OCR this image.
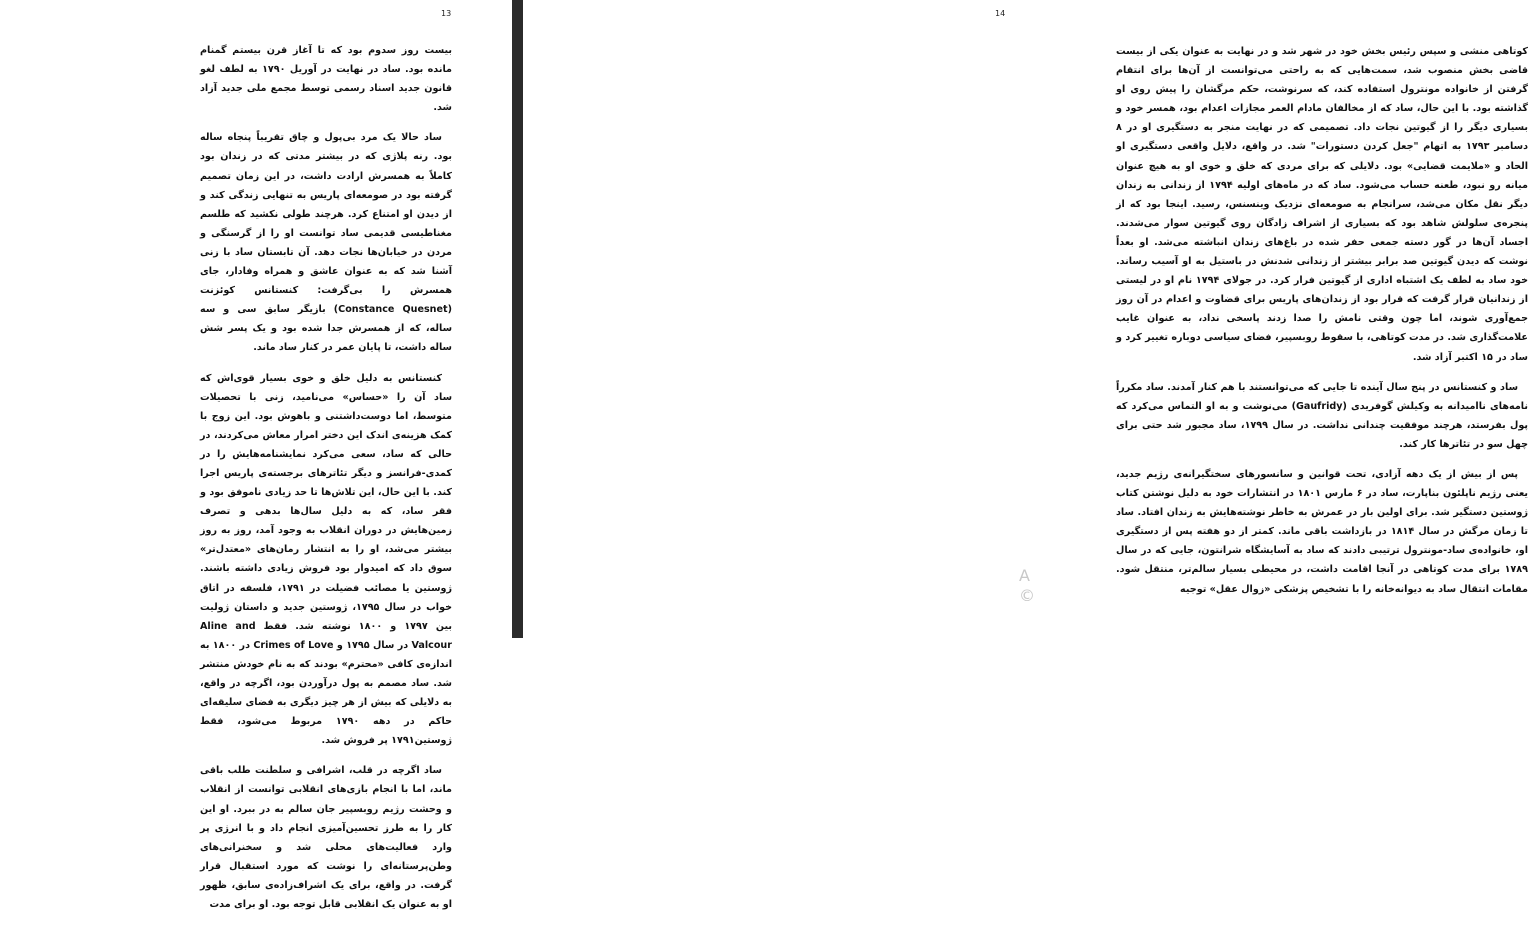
13

بیست روز سدوم بود که تا آغاز قرن بیستم گمنام مانده بود. ساد در نهایت در آوریل ۱۷۹۰ به لطف لغو قانون جدید اسناد رسمی توسط مجمع ملی جدید آزاد شد.

ساد حالا یک مرد بی‌پول و چاق تقریباً پنجاه ساله بود. رنه پلاژی که در بیشتر مدتی که در زندان بود کاملاً به همسرش ارادت داشت، در این زمان تصمیم گرفته بود در صومعه‌ای پاریس به تنهایی زندگی کند و از دیدن او امتناع کرد. هرچند طولی نکشید که طلسم مغناطیسی قدیمی ساد توانست او را از گرسنگی و مردن در خیابان‌ها نجات دهد. آن تابستان ساد با زنی آشنا شد که به عنوان عاشق و همراه وفادار، جای همسرش را بی‌گرفت: کنستانس کوئزنت (Constance Quesnet) بازیگر سابق سی و سه ساله، که از همسرش جدا شده بود و یک پسر شش ساله داشت، تا پایان عمر در کنار ساد ماند.

کنستانس به دلیل خلق و خوی بسیار قوی‌اش که ساد آن را «حساس» می‌نامید، زنی با تحصیلات متوسط، اما دوست‌داشتنی و باهوش بود. این زوج با کمک هزینه‌ی اندک این دختر امرار معاش می‌کردند، در حالی که ساد، سعی می‌کرد نمایشنامه‌هایش را در کمدی-فرانسز و دیگر تئاترهای برجسته‌ی پاریس اجرا کند. با این حال، این تلاش‌ها تا حد زیادی ناموفق بود و فقر ساد، که به دلیل سال‌ها بدهی و تصرف زمین‌هایش در دوران انقلاب به وجود آمد، روز به روز بیشتر می‌شد، او را به انتشار رمان‌های «معتدل‌تر» سوق داد که امیدوار بود فروش زیادی داشته باشند. ژوستین یا مصائب فضیلت در ۱۷۹۱، فلسفه در اتاق خواب در سال ۱۷۹۵، ژوستین جدید و داستان ژولیت بین ۱۷۹۷ و ۱۸۰۰ نوشته شد. فقط Aline and Valcour در سال ۱۷۹۵ و Crimes of Love در ۱۸۰۰ به اندازه‌ی کافی «محترم» بودند که به نام خودش منتشر شد. ساد مصمم به پول درآوردن بود، اگرچه در واقع، به دلایلی که بیش از هر چیز دیگری به فضای سلیقه‌ای حاکم در دهه ۱۷۹۰ مربوط می‌شود، فقط ژوستین۱۷۹۱ پر فروش شد.

ساد اگرچه در قلب، اشرافی و سلطنت طلب باقی ماند، اما با انجام بازی‌های انقلابی توانست از انقلاب و وحشت رژیم روبسپیر جان سالم به در ببرد. او این کار را به طرز تحسین‌آمیزی انجام داد و با انرژی پر وارد فعالیت‌های محلی شد و سخنرانی‌های وطن‌پرستانه‌ای را نوشت که مورد استقبال قرار گرفت. در واقع، برای یک اشراف‌زاده‌ی سابق، ظهور او به عنوان یک انقلابی قابل توجه بود. او برای مدت

کوتاهی منشی و سپس رئیس بخش خود در شهر شد و در نهایت به عنوان یکی از بیست قاضی بخش منصوب شد، سمت‌هایی که به راحتی می‌توانست از آن‌ها برای انتقام گرفتن از خانواده مونترول استفاده کند، که سرنوشت، حکم مرگشان را پیش روی او گذاشته بود. با این حال، ساد که از مخالفان مادام العمر مجازات اعدام بود، همسر خود و بسیاری دیگر را از گیوتین نجات داد. تصمیمی که در نهایت منجر به دستگیری او در ۸ دسامبر ۱۷۹۳ به اتهام "جعل کردن دستورات" شد. در واقع، دلایل واقعی دستگیری او الحاد و «ملایمت قضایی» بود. دلایلی که برای مردی که خلق و خوی او به هیچ عنوان میانه رو نبود، طعنه حساب می‌شود. ساد که در ماه‌های اولیه ۱۷۹۴ از زندانی به زندان دیگر نقل مکان می‌شد، سرانجام به صومعه‌ای نزدیک وینسنس، رسید. اینجا بود که از پنجره‌ی سلولش شاهد بود که بسیاری از اشراف زادگان روی گیوتین سوار می‌شدند. اجساد آن‌ها در گور دسته جمعی حفر شده در باغ‌های زندان انباشته می‌شد. او بعداً نوشت که دیدن گیوتین صد برابر بیشتر از زندانی شدنش در باستیل به او آسیب رساند. خود ساد به لطف یک اشتباه اداری از گیوتین فرار کرد. در جولای ۱۷۹۴ نام او در لیستی از زندانیان قرار گرفت که قرار بود از زندان‌های پاریس برای قضاوت و اعدام در آن روز جمع‌آوری شوند، اما چون وقتی نامش را صدا زدند پاسخی نداد، به عنوان غایب علامت‌گذاری شد. در مدت کوتاهی، با سقوط روبسپیر، فضای سیاسی دوباره تغییر کرد و ساد در ۱۵ اکتبر آزاد شد.

ساد و کنستانس در پنج سال آینده تا جایی که می‌توانستند با هم کنار آمدند. ساد مکرراً نامه‌های ناامیدانه به وکیلش گوفریدی (Gaufridy) می‌نوشت و به او التماس می‌کرد که پول بفرستد، هرچند موفقیت چندانی نداشت. در سال ۱۷۹۹، ساد مجبور شد حتی برای چهل سو در تئاترها کار کند.

پس از بیش از یک دهه آزادی، تحت قوانین و سانسورهای سختگیرانه‌ی رژیم جدید، یعنی رژیم ناپلئون بناپارت، ساد در ۶ مارس ۱۸۰۱ در انتشارات خود به دلیل نوشتن کتاب ژوستین دستگیر شد. برای اولین بار در عمرش به خاطر نوشته‌هایش به زندان افتاد. ساد تا زمان مرگش در سال ۱۸۱۴ در بازداشت باقی ماند. کمتر از دو هفته پس از دستگیری او، خانواده‌ی ساد-مونترول ترتیبی دادند که ساد به آسایشگاه شرانتون، جایی که در سال ۱۷۸۹ برای مدت کوتاهی در آنجا اقامت داشت، در محیطی بسیار سالم‌تر، منتقل شود. مقامات انتقال ساد به دیوانه‌خانه را با تشخیص پزشکی «زوال عقل» توجیه

14
A
©
